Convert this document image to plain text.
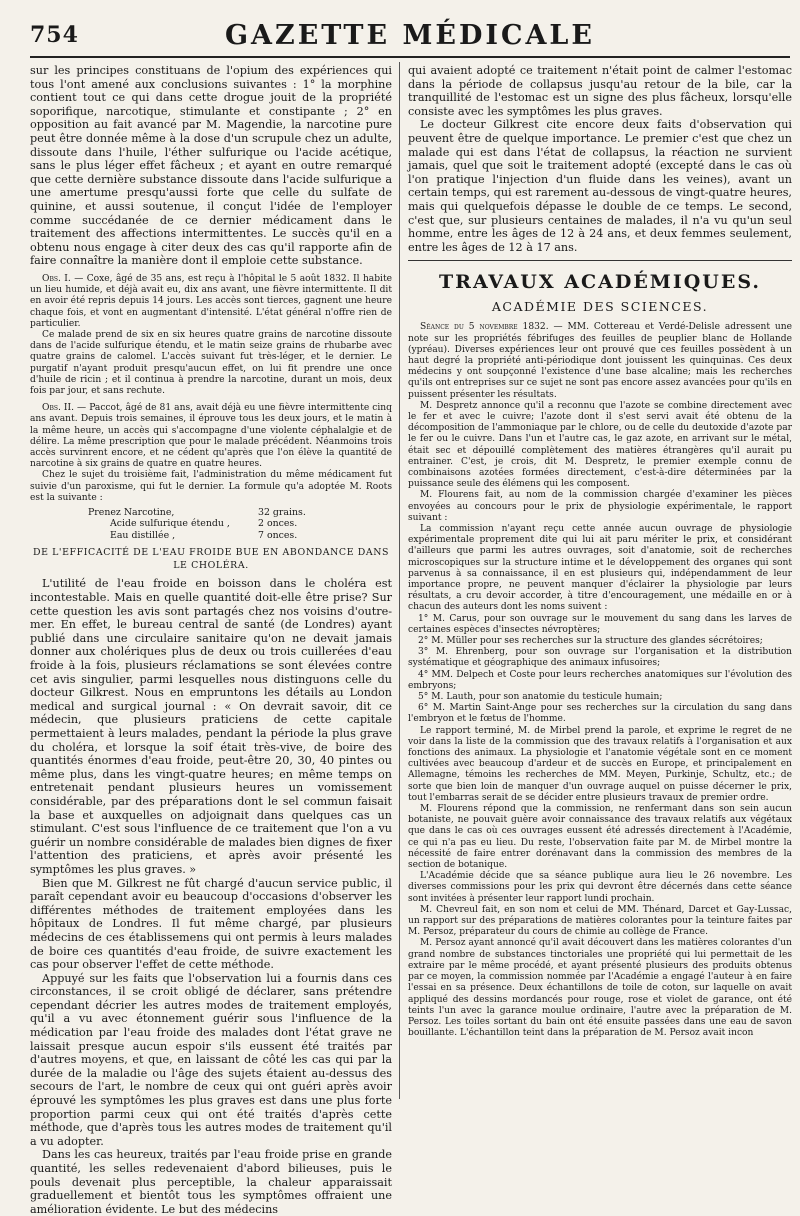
754	GAZETTE MÉDICALE

sur les principes constituans de l'opium des expériences qui tous l'ont amené aux conclusions suivantes : 1° la morphine contient tout ce qui dans cette drogue jouit de la propriété soporifique, narcotique, stimulante et constipante ; 2° en opposition au fait avancé par M. Magendie, la narcotine pure peut être donnée même à la dose d'un scrupule chez un adulte, dissoute dans l'huile, l'éther sulfurique ou l'acide acétique, sans le plus léger effet fâcheux ; et ayant en outre remarqué que cette dernière substance dissoute dans l'acide sulfurique a une amertume presqu'aussi forte que celle du sulfate de quinine, et aussi soutenue, il conçut l'idée de l'employer comme succédanée de ce dernier médicament dans le traitement des affections intermittentes. Le succès qu'il en a obtenu nous engage à citer deux des cas qu'il rapporte afin de faire connaître la manière dont il emploie cette substance.

Obs. I. — Coxe, âgé de 35 ans, est reçu à l'hôpital le 5 août 1832. Il habite un lieu humide, et déjà avait eu, dix ans avant, une fièvre intermittente. Il dit en avoir été repris depuis 14 jours. Les accès sont tierces, gagnent une heure chaque fois, et vont en augmentant d'intensité. L'état général n'offre rien de particulier.

Ce malade prend de six en six heures quatre grains de narcotine dissoute dans de l'acide sulfurique étendu, et le matin seize grains de rhubarbe avec quatre grains de calomel. L'accès suivant fut très-léger, et le dernier. Le purgatif n'ayant produit presqu'aucun effet, on lui fit prendre une once d'huile de ricin ; et il continua à prendre la narcotine, durant un mois, deux fois par jour, et sans rechute.

Obs. II. — Paccot, âgé de 81 ans, avait déjà eu une fièvre intermittente cinq ans avant. Depuis trois semaines, il éprouve tous les deux jours, et le matin à la même heure, un accès qui s'accompagne d'une violente céphalalgie et de délire. La même prescription que pour le malade précédent. Néanmoins trois accès survinrent encore, et ne cédent qu'après que l'on élève la quantité de narcotine à six grains de quatre en quatre heures.

Chez le sujet du troisième fait, l'administration du même médicament fut suivie d'un paroxisme, qui fut le dernier. La formule qu'a adoptée M. Roots est la suivante :

Prenez Narcotine,	32 grains.
Acide sulfurique étendu ,	2 onces.
Eau distillée ,	7 onces.
DE L'EFFICACITÉ DE L'EAU FROIDE BUE EN ABONDANCE DANS LE CHOLÉRA.

L'utilité de l'eau froide en boisson dans le choléra est incontestable. Mais en quelle quantité doit-elle être prise? Sur cette question les avis sont partagés chez nos voisins d'outre-mer. En effet, le bureau central de santé (de Londres) ayant publié dans une circulaire sanitaire qu'on ne devait jamais donner aux cholériques plus de deux ou trois cuillerées d'eau froide à la fois, plusieurs réclamations se sont élevées contre cet avis singulier, parmi lesquelles nous distinguons celle du docteur Gilkrest. Nous en empruntons les détails au London medical and surgical journal : « On devrait savoir, dit ce médecin, que plusieurs praticiens de cette capitale permettaient à leurs malades, pendant la période la plus grave du choléra, et lorsque la soif était très-vive, de boire des quantités énormes d'eau froide, peut-être 20, 30, 40 pintes ou même plus, dans les vingt-quatre heures; en même temps on entretenait pendant plusieurs heures un vomissement considérable, par des préparations dont le sel commun faisait la base et auxquelles on adjoignait dans quelques cas un stimulant. C'est sous l'influence de ce traitement que l'on a vu guérir un nombre considérable de malades bien dignes de fixer l'attention des praticiens, et après avoir présenté les symptômes les plus graves. »

Bien que M. Gilkrest ne fût chargé d'aucun service public, il paraît cependant avoir eu beaucoup d'occasions d'observer les différentes méthodes de traitement employées dans les hôpitaux de Londres. Il fut même chargé, par plusieurs médecins de ces établissemens qui ont permis à leurs malades de boire ces quantités d'eau froide, de suivre exactement les cas pour observer l'effet de cette méthode.

Appuyé sur les faits que l'observation lui a fournis dans ces circonstances, il se croit obligé de déclarer, sans prétendre cependant décrier les autres modes de traitement employés, qu'il a vu avec étonnement guérir sous l'influence de la médication par l'eau froide des malades dont l'état grave ne laissait presque aucun espoir s'ils eussent été traités par d'autres moyens, et que, en laissant de côté les cas qui par la durée de la maladie ou l'âge des sujets étaient au-dessus des secours de l'art, le nombre de ceux qui ont guéri après avoir éprouvé les symptômes les plus graves est dans une plus forte proportion parmi ceux qui ont été traités d'après cette méthode, que d'après tous les autres modes de traitement qu'il a vu adopter.

Dans les cas heureux, traités par l'eau froide prise en grande quantité, les selles redevenaient d'abord bilieuses, puis le pouls devenait plus perceptible, la chaleur apparaissait graduellement et bientôt tous les symptômes offraient une amélioration évidente. Le but des médecins

qui avaient adopté ce traitement n'était point de calmer l'estomac dans la période de collapsus jusqu'au retour de la bile, car la tranquillité de l'estomac est un signe des plus fâcheux, lorsqu'elle consiste avec les symptômes les plus graves.

Le docteur Gilkrest cite encore deux faits d'observation qui peuvent être de quelque importance. Le premier c'est que chez un malade qui est dans l'état de collapsus, la réaction ne survient jamais, quel que soit le traitement adopté (excepté dans le cas où l'on pratique l'injection d'un fluide dans les veines), avant un certain temps, qui est rarement au-dessous de vingt-quatre heures, mais qui quelquefois dépasse le double de ce temps. Le second, c'est que, sur plusieurs centaines de malades, il n'a vu qu'un seul homme, entre les âges de 12 à 24 ans, et deux femmes seulement, entre les âges de 12 à 17 ans.

TRAVAUX ACADÉMIQUES.
ACADÉMIE DES SCIENCES.

Séance du 5 novembre 1832. — MM. Cottereau et Verdé-Delisle adressent une note sur les propriétés fébrifuges des feuilles de peuplier blanc de Hollande (ypréau). Diverses expériences leur ont prouvé que ces feuilles possèdent à un haut degré la propriété anti-périodique dont jouissent les quinquinas. Ces deux médecins y ont soupçonné l'existence d'une base alcaline; mais les recherches qu'ils ont entreprises sur ce sujet ne sont pas encore assez avancées pour qu'ils en puissent présenter les résultats.

M. Despretz annonce qu'il a reconnu que l'azote se combine directement avec le fer et avec le cuivre; l'azote dont il s'est servi avait été obtenu de la décomposition de l'ammoniaque par le chlore, ou de celle du deutoxide d'azote par le fer ou le cuivre. Dans l'un et l'autre cas, le gaz azote, en arrivant sur le métal, était sec et dépouillé complètement des matières étrangères qu'il aurait pu entrainer. C'est, je crois, dit M. Despretz, le premier exemple connu de combinaisons azotées formées directement, c'est-à-dire déterminées par la puissance seule des élémens qui les composent.

M. Flourens fait, au nom de la commission chargée d'examiner les pièces envoyées au concours pour le prix de physiologie expérimentale, le rapport suivant :

La commission n'ayant reçu cette année aucun ouvrage de physiologie expérimentale proprement dite qui lui ait paru mériter le prix, et considérant d'ailleurs que parmi les autres ouvrages, soit d'anatomie, soit de recherches microscopiques sur la structure intime et le développement des organes qui sont parvenus à sa connaissance, il en est plusieurs qui, indépendamment de leur importance propre, ne peuvent manquer d'éclairer la physiologie par leurs résultats, a cru devoir accorder, à titre d'encouragement, une médaille en or à chacun des auteurs dont les noms suivent :

1° M. Carus, pour son ouvrage sur le mouvement du sang dans les larves de certaines espèces d'insectes névroptères;

2° M. Müller pour ses recherches sur la structure des glandes sécrétoires;

3° M. Ehrenberg, pour son ouvrage sur l'organisation et la distribution systématique et géographique des animaux infusoires;

4° MM. Delpech et Coste pour leurs recherches anatomiques sur l'évolution des embryons;

5° M. Lauth, pour son anatomie du testicule humain;

6° M. Martin Saint-Ange pour ses recherches sur la circulation du sang dans l'embryon et le fœtus de l'homme.

Le rapport terminé, M. de Mirbel prend la parole, et exprime le regret de ne voir dans la liste de la commission que des travaux relatifs à l'organisation et aux fonctions des animaux. La physiologie et l'anatomie végétale sont en ce moment cultivées avec beaucoup d'ardeur et de succès en Europe, et principalement en Allemagne, témoins les recherches de MM. Meyen, Purkinje, Schultz, etc.; de sorte que bien loin de manquer d'un ouvrage auquel on puisse décerner le prix, tout l'embarras serait de se décider entre plusieurs travaux de premier ordre.

M. Flourens répond que la commission, ne renfermant dans son sein aucun botaniste, ne pouvait guère avoir connaissance des travaux relatifs aux végétaux que dans le cas où ces ouvrages eussent été adressés directement à l'Académie, ce qui n'a pas eu lieu. Du reste, l'observation faite par M. de Mirbel montre la nécessité de faire entrer dorénavant dans la commission des membres de la section de botanique.

L'Académie décide que sa séance publique aura lieu le 26 novembre. Les diverses commissions pour les prix qui devront être décernés dans cette séance sont invitées à présenter leur rapport lundi prochain.

M. Chevreul fait, en son nom et celui de MM. Thénard, Darcet et Gay-Lussac, un rapport sur des préparations de matières colorantes pour la teinture faites par M. Persoz, préparateur du cours de chimie au collège de France.

M. Persoz ayant annoncé qu'il avait découvert dans les matières colorantes d'un grand nombre de substances tinctoriales une propriété qui lui permettait de les extraire par le même procédé, et ayant présenté plusieurs des produits obtenus par ce moyen, la commission nommée par l'Académie a engagé l'auteur à en faire l'essai en sa présence. Deux échantillons de toile de coton, sur laquelle on avait appliqué des dessins mordancés pour rouge, rose et violet de garance, ont été teints l'un avec la garance moulue ordinaire, l'autre avec la préparation de M. Persoz. Les toiles sortant du bain ont été ensuite passées dans une eau de savon bouillante. L'échantillon teint dans la préparation de M. Persoz avait incon
